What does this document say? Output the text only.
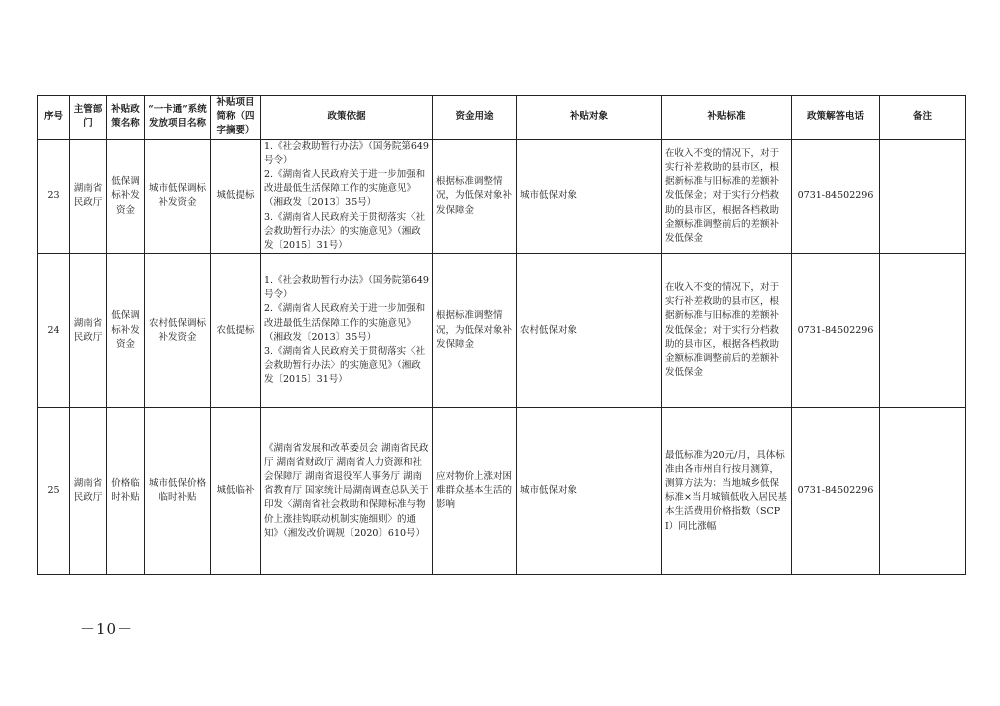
序号	主管部门	补贴政策名称	“一卡通”系统发放项目名称	补贴项目简称（四字摘要）	政策依据	资金用途	补贴对象	补贴标准	政策解答电话	备注
23	湖南省民政厅	低保调标补发资金	城市低保调标补发资金	城低提标	1.《社会救助暂行办法》（国务院第649号令）
2.《湖南省人民政府关于进一步加强和改进最低生活保障工作的实施意见》（湘政发〔2013〕35号）
3.《湖南省人民政府关于贯彻落实〈社会救助暂行办法〉的实施意见》（湘政发〔2015〕31号）	根据标准调整情况，为低保对象补发保障金	城市低保对象	在收入不变的情况下，对于实行补差救助的县市区，根据新标准与旧标准的差额补发低保金；对于实行分档救助的县市区，根据各档救助金额标准调整前后的差额补发低保金	0731-84502296	
24	湖南省民政厅	低保调标补发资金	农村低保调标补发资金	农低提标	1.《社会救助暂行办法》（国务院第649号令）
2.《湖南省人民政府关于进一步加强和改进最低生活保障工作的实施意见》（湘政发〔2013〕35号）
3.《湖南省人民政府关于贯彻落实〈社会救助暂行办法〉的实施意见》（湘政发〔2015〕31号）	根据标准调整情况，为低保对象补发保障金	农村低保对象	在收入不变的情况下，对于实行补差救助的县市区，根据新标准与旧标准的差额补发低保金；对于实行分档救助的县市区，根据各档救助金额标准调整前后的差额补发低保金	0731-84502296	
25	湖南省民政厅	价格临时补贴	城市低保价格临时补贴	城低临补	《湖南省发展和改革委员会 湖南省民政厅 湖南省财政厅 湖南省人力资源和社会保障厅 湖南省退役军人事务厅 湖南省教育厅 国家统计局湖南调查总队关于印发〈湖南省社会救助和保障标准与物价上涨挂钩联动机制实施细则〉的通知》（湘发改价调规〔2020〕610号）	应对物价上涨对困难群众基本生活的影响	城市低保对象	最低标准为20元/月，具体标准由各市州自行按月测算，测算方法为：当地城乡低保标准×当月城镇低收入居民基本生活费用价格指数（SCPI）同比涨幅	0731-84502296	
－10－
